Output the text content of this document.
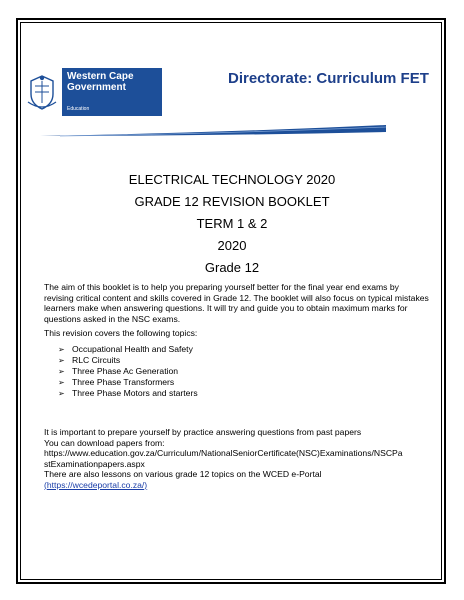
Western Cape
Government
Education
Directorate: Curriculum FET
ELECTRICAL TECHNOLOGY 2020
GRADE 12 REVISION BOOKLET
TERM 1 & 2
2020
Grade 12
The aim of this booklet is to help you preparing yourself better for the final year end exams by revising critical content and skills covered in Grade 12. The booklet will also focus on typical mistakes learners make when answering questions. It will try and guide you to obtain maximum marks for questions asked in the NSC exams.
This revision covers the following topics:
➢ Occupational Health and Safety
➢ RLC Circuits
➢ Three Phase Ac Generation
➢ Three Phase Transformers
➢ Three Phase Motors and starters
It is important to prepare yourself by practice answering questions from past papers
You can download papers from:
https://www.education.gov.za/Curriculum/NationalSeniorCertificate(NSC)Examinations/NSCPa
stExaminationpapers.aspx
There are also lessons on various grade 12 topics on the WCED e-Portal
(https://wcedeportal.co.za/)
